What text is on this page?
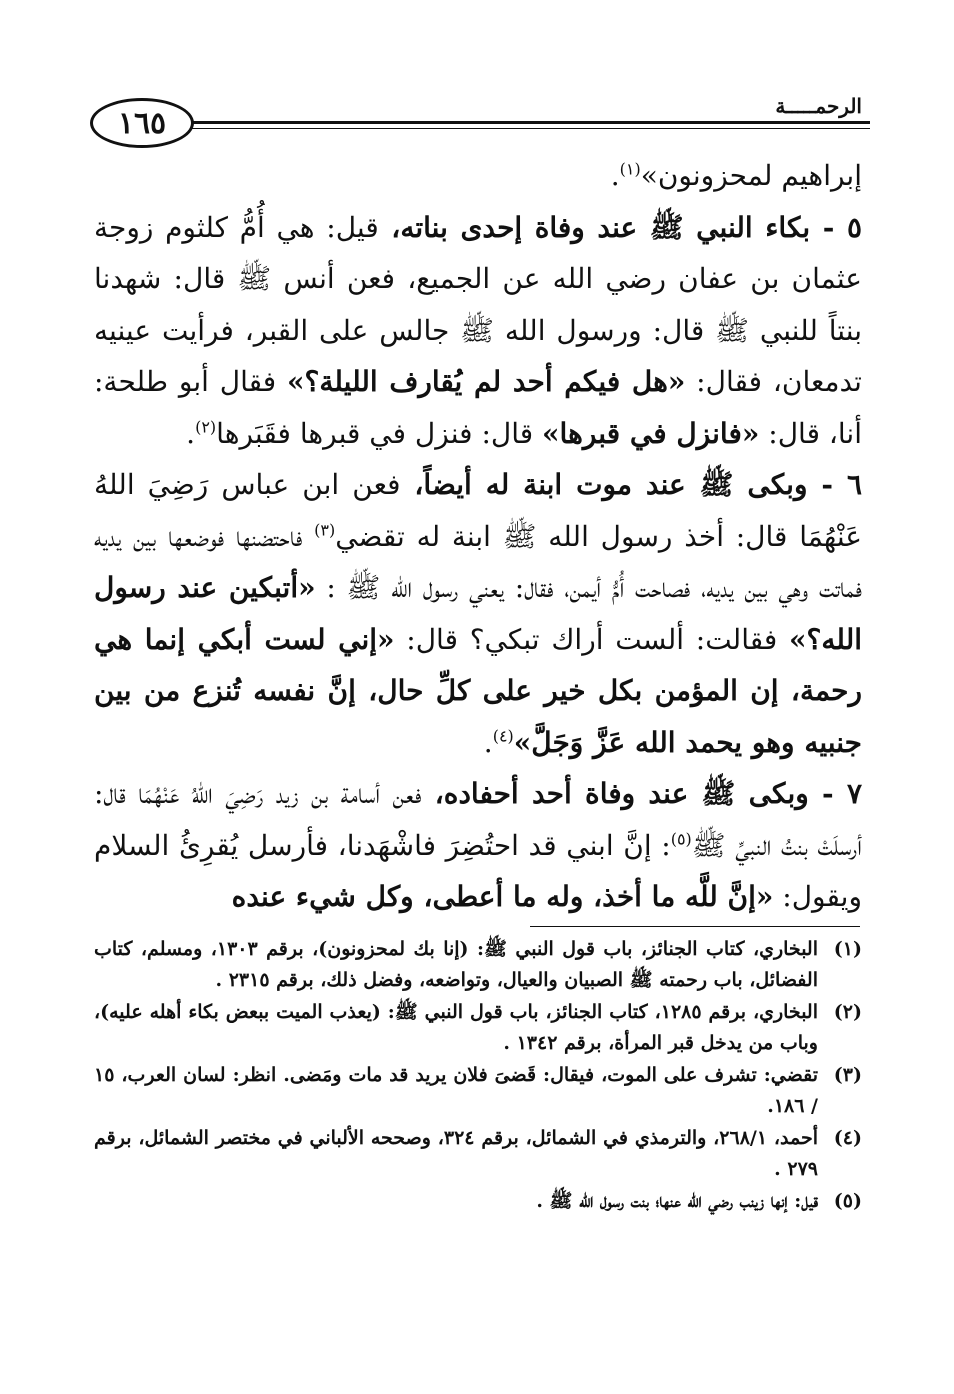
١٦٥	الرحمـــــة

إبراهيم لمحزونون»$^{(١)}$.

٥ - بكاء النبي ﷺ عند وفاة إحدى بناته، قيل: هي أُمُّ كلثوم زوجة عثمان بن عفان رضي الله عن الجميع، فعن أنس ﷺ قال: شهدنا بنتاً للنبي ﷺ قال: ورسول الله ﷺ جالس على القبر، فرأيت عينيه تدمعان، فقال: «هل فيكم أحد لم يُقارف الليلة؟» فقال أبو طلحة: أنا، قال: «فانزل في قبرها» قال: فنزل في قبرها فقَبَرها$^{(٢)}$.

٦ - وبكى ﷺ عند موت ابنة له أيضاً، فعن ابن عباس رَضِيَ اللهُ عَنْهُمَا قال: أخذ رسول الله ﷺ ابنة له تقضي$^{(٣)}$ فاحتضنها فوضعها بين يديه فماتت وهي بين يديه، فصاحت أُمُّ أيمن، فقال: يعني رسول الله ﷺ : «أتبكين عند رسول الله؟» فقالت: ألست أراك تبكي؟ قال: «إني لست أبكي إنما هي رحمة، إن المؤمن بكل خير على كلِّ حال، إنَّ نفسه تُنزع من بين جنبيه وهو يحمد الله عَزَّ وَجَلَّ»$^{(٤)}$.

٧ - وبكى ﷺ عند وفاة أحد أحفاده، فعن أسامة بن زيد رَضِيَ اللهُ عَنْهُمَا قال: أرسلَتْ بنتُ النبيِّ ﷺ$^{(٥)}$: إنَّ ابني قد احتُضِرَ فاشْهَدنا، فأرسل يُقرِئُ السلام ويقول: «إنَّ للَّه ما أخذ، وله ما أعطى، وكل شيء عنده

(١)
البخاري، كتاب الجنائز، باب قول النبي ﷺ: (إنا بك لمحزونون)، برقم ١٣٠٣، ومسلم، كتاب الفضائل، باب رحمته ﷺ الصبيان والعيال، وتواضعه، وفضل ذلك، برقم ٢٣١٥ .
(٢)
البخاري، برقم ١٢٨٥، كتاب الجنائز، باب قول النبي ﷺ: (يعذب الميت ببعض بكاء أهله عليه)، وباب من يدخل قبر المرأة، برقم ١٣٤٢ .
(٣)
تقضي: تشرف على الموت، فيقال: قَضىَ فلان يريد قد مات ومَضى. انظر: لسان العرب، ١٥ / ١٨٦.
(٤)
أحمد، ٢٦٨/١، والترمذي في الشمائل، برقم ٣٢٤، وصححه الألباني في مختصر الشمائل، برقم ٢٧٩ .
(٥)
قيل: إنها زينب رضي الله عنها؛ بنت رسول الله ﷺ .
